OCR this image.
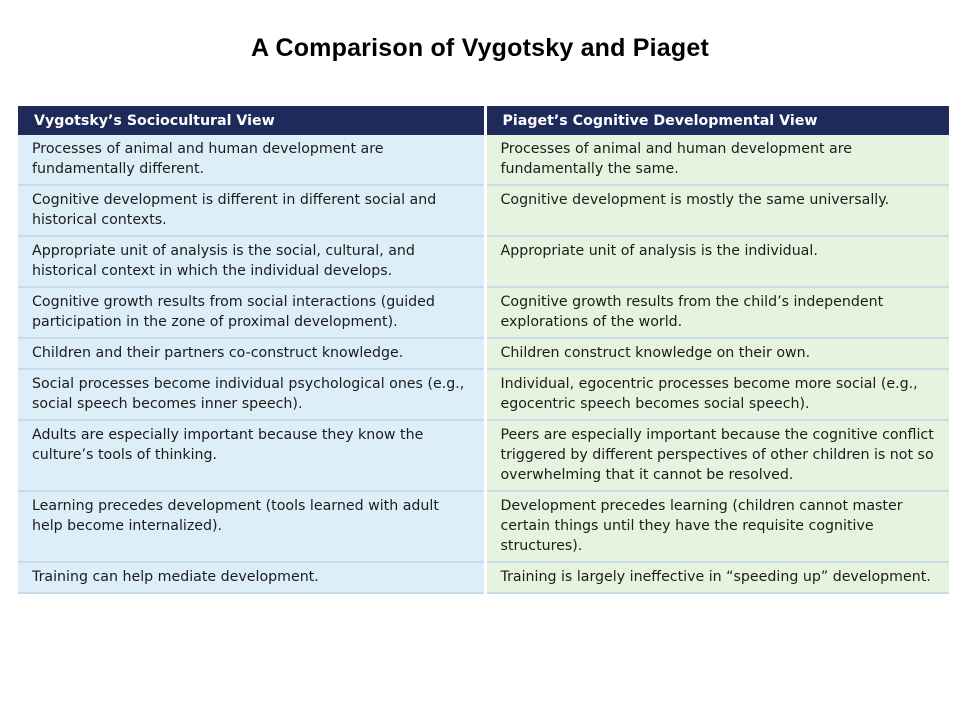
A Comparison of Vygotsky and Piaget
Vygotsky’s Sociocultural View	Piaget’s Cognitive Developmental View
Processes of animal and human development are fundamentally different.	Processes of animal and human development are fundamentally the same.
Cognitive development is different in different social and historical contexts.	Cognitive development is mostly the same universally.
Appropriate unit of analysis is the social, cultural, and historical context in which the individual develops.	Appropriate unit of analysis is the individual.
Cognitive growth results from social interactions (guided participation in the zone of proximal development).	Cognitive growth results from the child’s independent explorations of the world.
Children and their partners co-construct knowledge.	Children construct knowledge on their own.
Social processes become individual psychological ones (e.g., social speech becomes inner speech).	Individual, egocentric processes become more social (e.g., egocentric speech becomes social speech).
Adults are especially important because they know the culture’s tools of thinking.	Peers are especially important because the cognitive conflict triggered by different perspectives of other children is not so overwhelming that it cannot be resolved.
Learning precedes development (tools learned with adult help become internalized).	Development precedes learning (children cannot master certain things until they have the requisite cognitive structures).
Training can help mediate development.	Training is largely ineffective in “speeding up” development.
